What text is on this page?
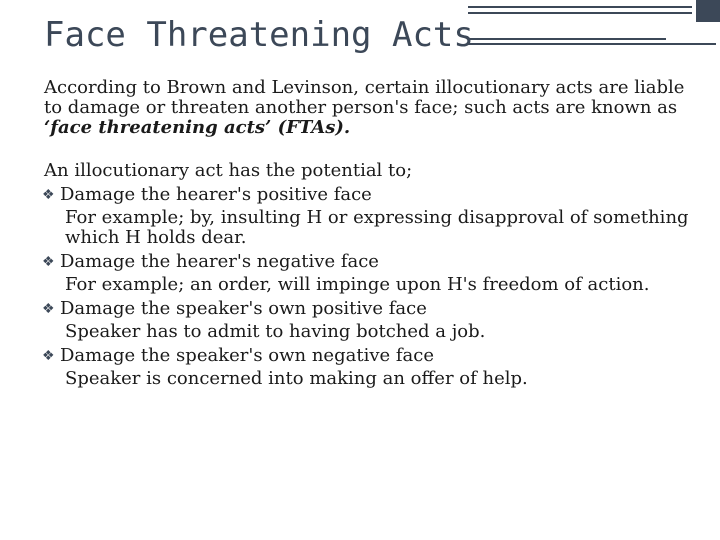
Face Threatening Acts

According to Brown and Levinson, certain illocutionary acts are liable to damage or threaten another person's face; such acts are known as ‘face threatening acts’ (FTAs).

An illocutionary act has the potential to;

❖ Damage the hearer's positive face

For example; by, insulting H or expressing disapproval of something which H holds dear.

❖ Damage the hearer's negative face

For example; an order, will impinge upon H's freedom of action.

❖ Damage the speaker's own positive face

Speaker has to admit to having botched a job.

❖ Damage the speaker's own negative face

Speaker is concerned into making an offer of help.
